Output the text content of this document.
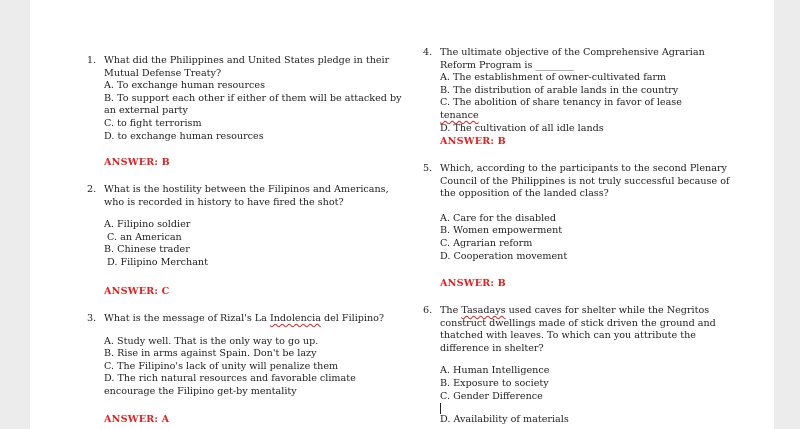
1. What did the Philippines and United States pledge in their Mutual Defense Treaty?
A. To exchange human resources
B. To support each other if either of them will be attacked by an external party
C. to fight terrorism
D. to exchange human resources
ANSWER: B
2. What is the hostility between the Filipinos and Americans, who is recorded in history to have fired the shot?
A. Filipino soldier
C. an American
B. Chinese trader
D. Filipino Merchant
ANSWER: C
3. What is the message of Rizal's La Indolencia del Filipino?
A. Study well. That is the only way to go up.
B. Rise in arms against Spain. Don't be lazy
C. The Filipino's lack of unity will penalize them
D. The rich natural resources and favorable climate encourage the Filipino get-by mentality
ANSWER: A
4. The ultimate objective of the Comprehensive Agrarian Reform Program is ________
A. The establishment of owner-cultivated farm
B. The distribution of arable lands in the country
C. The abolition of share tenancy in favor of lease
tenance
D. The cultivation of all idle lands
ANSWER: B
5. Which, according to the participants to the second Plenary Council of the Philippines is not truly successful because of the opposition of the landed class?
A. Care for the disabled
B. Women empowerment
C. Agrarian reform
D. Cooperation movement
ANSWER: B
6. The Tasadays used caves for shelter while the Negritos construct dwellings made of stick driven the ground and thatched with leaves. To which can you attribute the difference in shelter?
A. Human Intelligence
B. Exposure to society
C. Gender Difference
D. Availability of materials
